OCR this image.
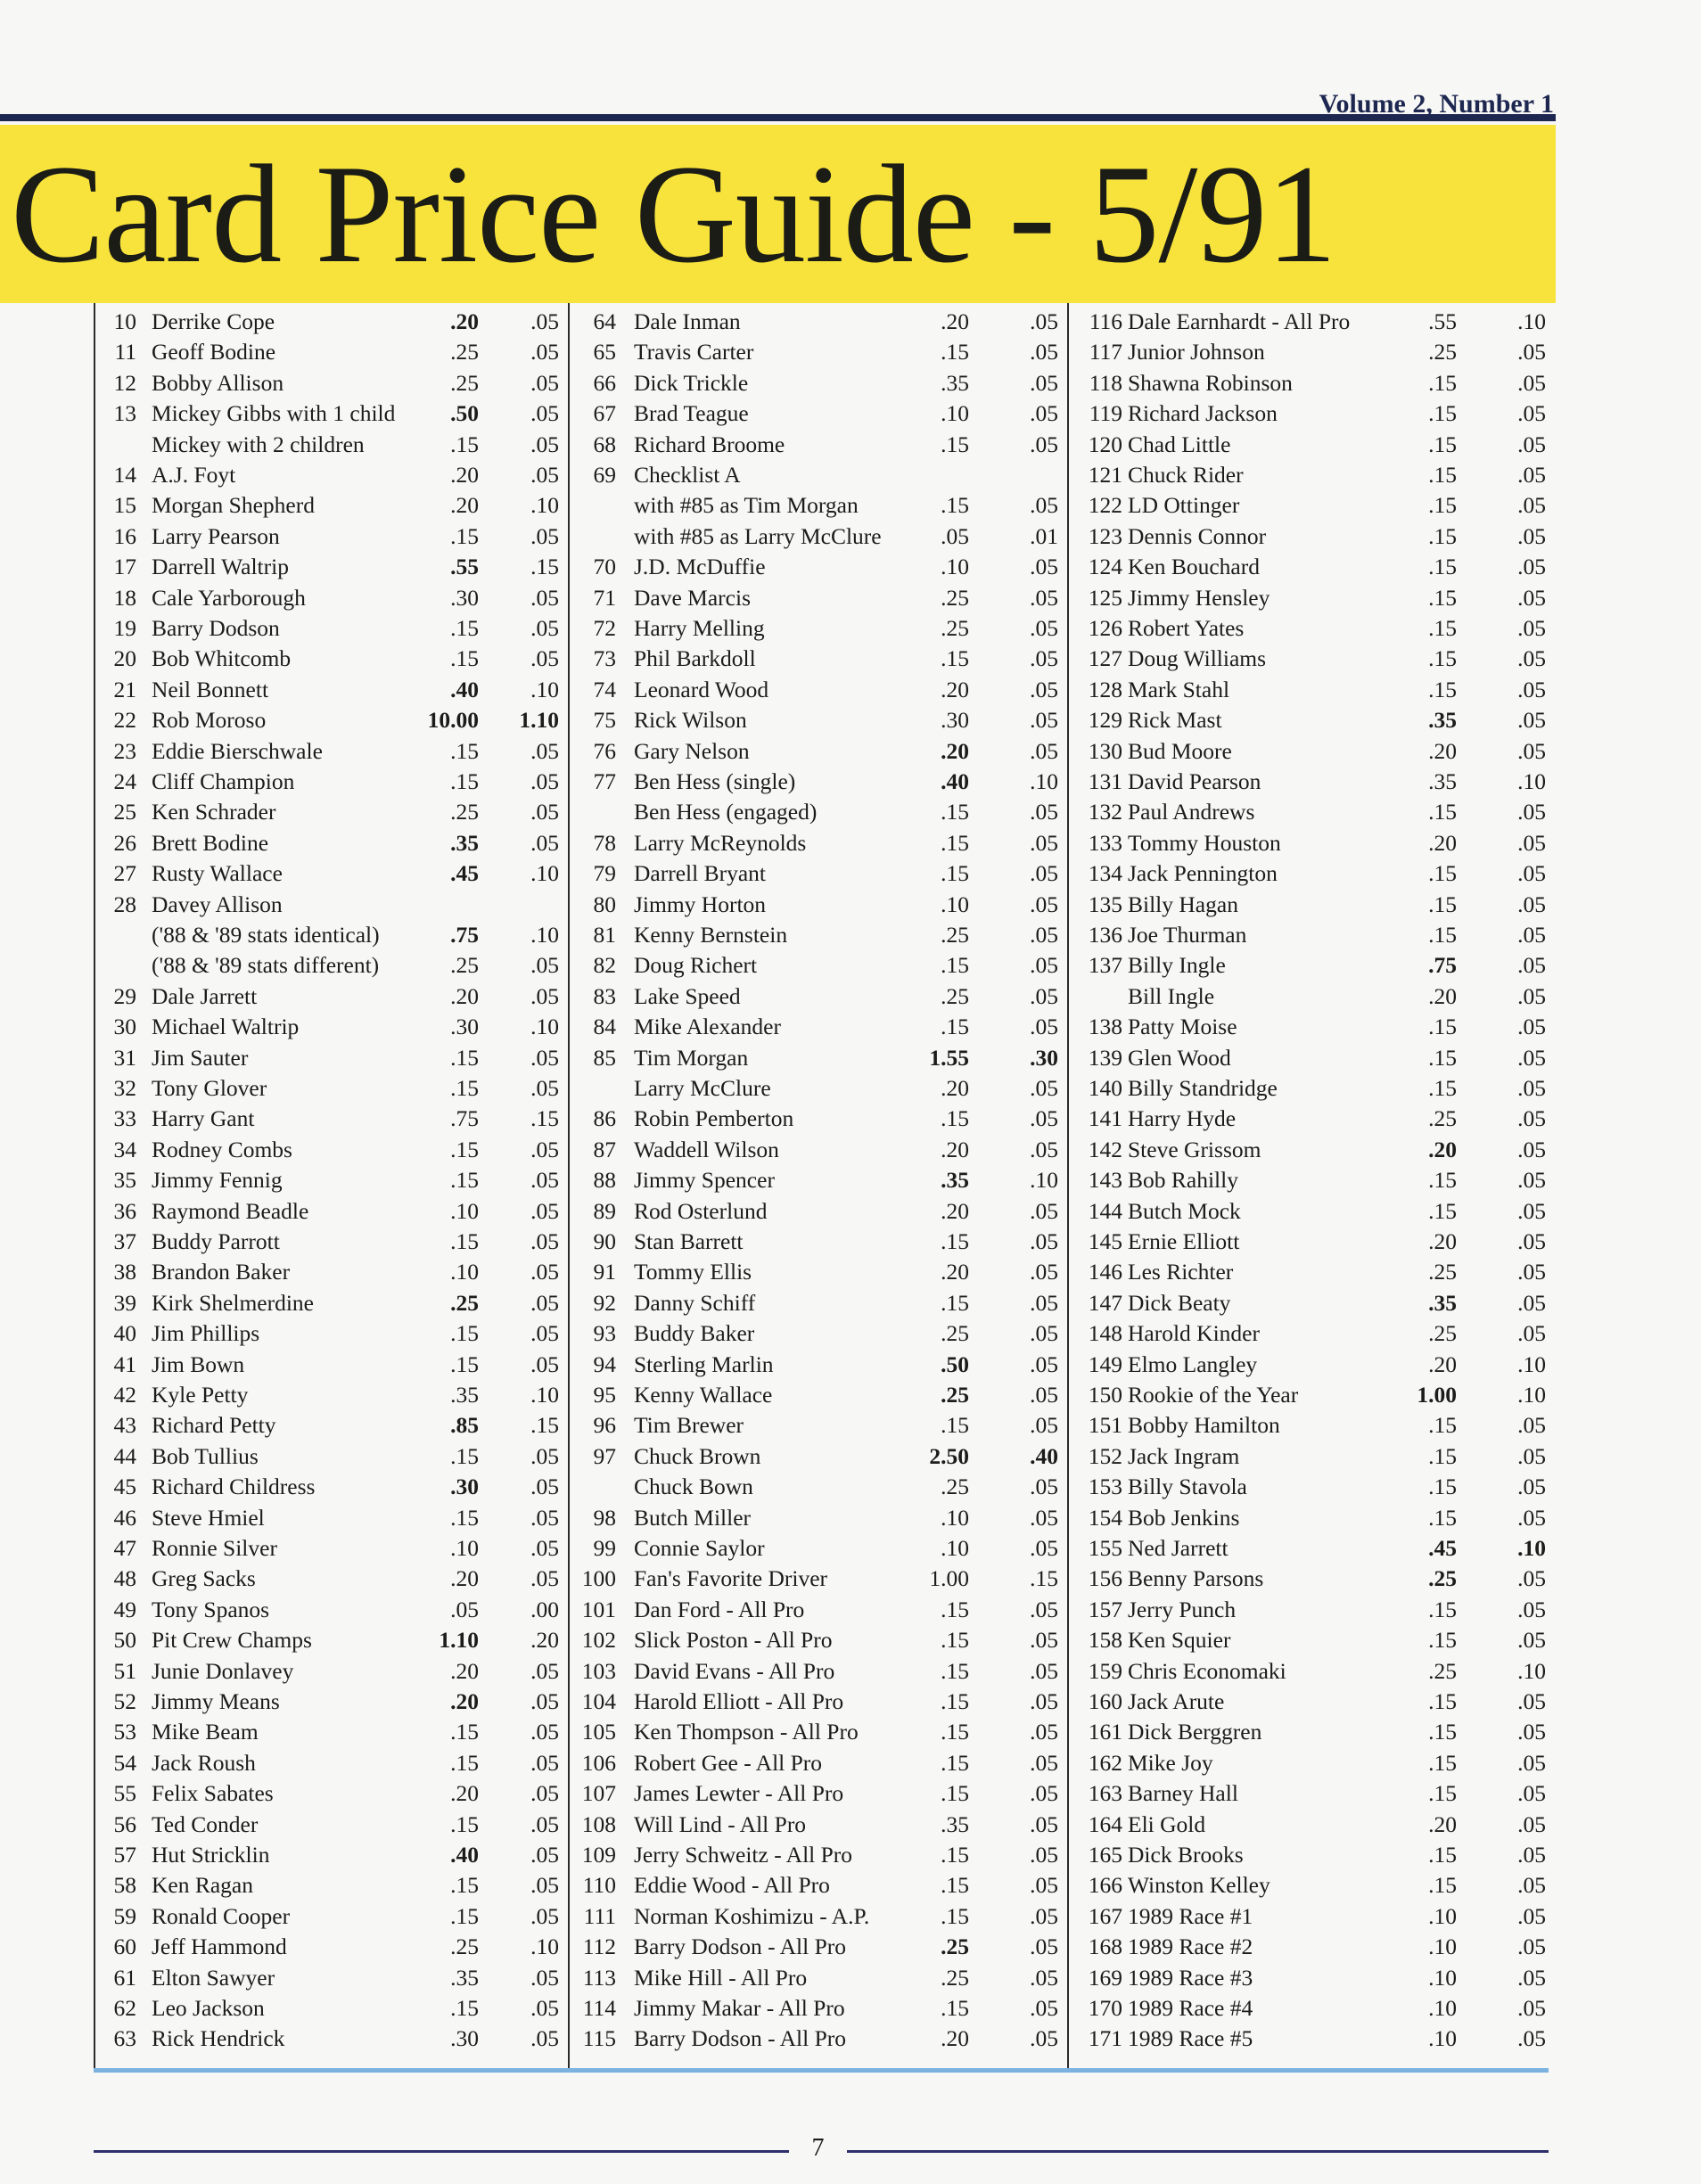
Volume 2, Number 1
Card Price Guide - 5/91
10 Derrike Cope	.20	.05
11 Geoff Bodine	.25	.05
12 Bobby Allison	.25	.05
13 Mickey Gibbs with 1 child	.50	.05
Mickey with 2 children	.15	.05
14 A.J. Foyt	.20	.05
15 Morgan Shepherd	.20	.10
16 Larry Pearson	.15	.05
17 Darrell Waltrip	.55	.15
18 Cale Yarborough	.30	.05
19 Barry Dodson	.15	.05
20 Bob Whitcomb	.15	.05
21 Neil Bonnett	.40	.10
22 Rob Moroso	10.00	1.10
23 Eddie Bierschwale	.15	.05
24 Cliff Champion	.15	.05
25 Ken Schrader	.25	.05
26 Brett Bodine	.35	.05
27 Rusty Wallace	.45	.10
28 Davey Allison
('88 & '89 stats identical)	.75	.10
('88 & '89 stats different)	.25	.05
29 Dale Jarrett	.20	.05
30 Michael Waltrip	.30	.10
31 Jim Sauter	.15	.05
32 Tony Glover	.15	.05
33 Harry Gant	.75	.15
34 Rodney Combs	.15	.05
35 Jimmy Fennig	.15	.05
36 Raymond Beadle	.10	.05
37 Buddy Parrott	.15	.05
38 Brandon Baker	.10	.05
39 Kirk Shelmerdine	.25	.05
40 Jim Phillips	.15	.05
41 Jim Bown	.15	.05
42 Kyle Petty	.35	.10
43 Richard Petty	.85	.15
44 Bob Tullius	.15	.05
45 Richard Childress	.30	.05
46 Steve Hmiel	.15	.05
47 Ronnie Silver	.10	.05
48 Greg Sacks	.20	.05
49 Tony Spanos	.05	.00
50 Pit Crew Champs	1.10	.20
51 Junie Donlavey	.20	.05
52 Jimmy Means	.20	.05
53 Mike Beam	.15	.05
54 Jack Roush	.15	.05
55 Felix Sabates	.20	.05
56 Ted Conder	.15	.05
57 Hut Stricklin	.40	.05
58 Ken Ragan	.15	.05
59 Ronald Cooper	.15	.05
60 Jeff Hammond	.25	.10
61 Elton Sawyer	.35	.05
62 Leo Jackson	.15	.05
63 Rick Hendrick	.30	.05
64 Dale Inman	.20	.05
65 Travis Carter	.15	.05
66 Dick Trickle	.35	.05
67 Brad Teague	.10	.05
68 Richard Broome	.15	.05
69 Checklist A
with #85 as Tim Morgan	.15	.05
with #85 as Larry McClure	.05	.01
70 J.D. McDuffie	.10	.05
71 Dave Marcis	.25	.05
72 Harry Melling	.25	.05
73 Phil Barkdoll	.15	.05
74 Leonard Wood	.20	.05
75 Rick Wilson	.30	.05
76 Gary Nelson	.20	.05
77 Ben Hess (single)	.40	.10
Ben Hess (engaged)	.15	.05
78 Larry McReynolds	.15	.05
79 Darrell Bryant	.15	.05
80 Jimmy Horton	.10	.05
81 Kenny Bernstein	.25	.05
82 Doug Richert	.15	.05
83 Lake Speed	.25	.05
84 Mike Alexander	.15	.05
85 Tim Morgan	1.55	.30
Larry McClure	.20	.05
86 Robin Pemberton	.15	.05
87 Waddell Wilson	.20	.05
88 Jimmy Spencer	.35	.10
89 Rod Osterlund	.20	.05
90 Stan Barrett	.15	.05
91 Tommy Ellis	.20	.05
92 Danny Schiff	.15	.05
93 Buddy Baker	.25	.05
94 Sterling Marlin	.50	.05
95 Kenny Wallace	.25	.05
96 Tim Brewer	.15	.05
97 Chuck Brown	2.50	.40
Chuck Bown	.25	.05
98 Butch Miller	.10	.05
99 Connie Saylor	.10	.05
100 Fan's Favorite Driver	1.00	.15
101 Dan Ford - All Pro	.15	.05
102 Slick Poston - All Pro	.15	.05
103 David Evans - All Pro	.15	.05
104 Harold Elliott - All Pro	.15	.05
105 Ken Thompson - All Pro	.15	.05
106 Robert Gee - All Pro	.15	.05
107 James Lewter - All Pro	.15	.05
108 Will Lind - All Pro	.35	.05
109 Jerry Schweitz - All Pro	.15	.05
110 Eddie Wood - All Pro	.15	.05
111 Norman Koshimizu - A.P.	.15	.05
112 Barry Dodson - All Pro	.25	.05
113 Mike Hill - All Pro	.25	.05
114 Jimmy Makar - All Pro	.15	.05
115 Barry Dodson - All Pro	.20	.05
116 Dale Earnhardt - All Pro	.55	.10
117 Junior Johnson	.25	.05
118 Shawna Robinson	.15	.05
119 Richard Jackson	.15	.05
120 Chad Little	.15	.05
121 Chuck Rider	.15	.05
122 LD Ottinger	.15	.05
123 Dennis Connor	.15	.05
124 Ken Bouchard	.15	.05
125 Jimmy Hensley	.15	.05
126 Robert Yates	.15	.05
127 Doug Williams	.15	.05
128 Mark Stahl	.15	.05
129 Rick Mast	.35	.05
130 Bud Moore	.20	.05
131 David Pearson	.35	.10
132 Paul Andrews	.15	.05
133 Tommy Houston	.20	.05
134 Jack Pennington	.15	.05
135 Billy Hagan	.15	.05
136 Joe Thurman	.15	.05
137 Billy Ingle	.75	.05
Bill Ingle	.20	.05
138 Patty Moise	.15	.05
139 Glen Wood	.15	.05
140 Billy Standridge	.15	.05
141 Harry Hyde	.25	.05
142 Steve Grissom	.20	.05
143 Bob Rahilly	.15	.05
144 Butch Mock	.15	.05
145 Ernie Elliott	.20	.05
146 Les Richter	.25	.05
147 Dick Beaty	.35	.05
148 Harold Kinder	.25	.05
149 Elmo Langley	.20	.10
150 Rookie of the Year	1.00	.10
151 Bobby Hamilton	.15	.05
152 Jack Ingram	.15	.05
153 Billy Stavola	.15	.05
154 Bob Jenkins	.15	.05
155 Ned Jarrett	.45	.10
156 Benny Parsons	.25	.05
157 Jerry Punch	.15	.05
158 Ken Squier	.15	.05
159 Chris Economaki	.25	.10
160 Jack Arute	.15	.05
161 Dick Berggren	.15	.05
162 Mike Joy	.15	.05
163 Barney Hall	.15	.05
164 Eli Gold	.20	.05
165 Dick Brooks	.15	.05
166 Winston Kelley	.15	.05
167 1989 Race #1	.10	.05
168 1989 Race #2	.10	.05
169 1989 Race #3	.10	.05
170 1989 Race #4	.10	.05
171 1989 Race #5	.10	.05
7
